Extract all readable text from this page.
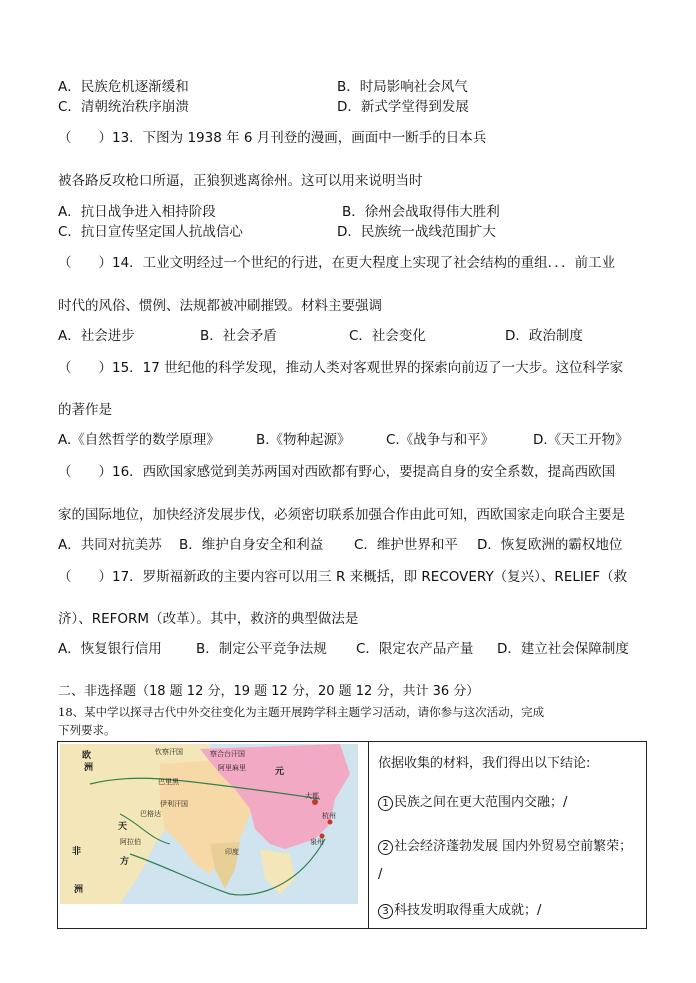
A．民族危机逐渐缓和	B．时局影响社会风气
C．清朝统治秩序崩溃	D．新式学堂得到发展
（　　）13．下图为 1938 年 6 月刊登的漫画，画面中一断手的日本兵
被各路反攻枪口所逼，正狼狈逃离徐州。这可以用来说明当时
A．抗日战争进入相持阶段	B．徐州会战取得伟大胜利
C．抗日宣传坚定国人抗战信心	D．民族统一战线范围扩大
（　　）14．工业文明经过一个世纪的行进，在更大程度上实现了社会结构的重组．．．前工业
时代的风俗、惯例、法规都被冲刷摧毁。材料主要强调
A．社会进步	B．社会矛盾	C．社会变化	D．政治制度
（　　）15．17 世纪他的科学发现，推动人类对客观世界的探索向前迈了一大步。这位科学家
的著作是
A.《自然哲学的数学原理》	B.《物种起源》	C.《战争与和平》	D.《天工开物》
（　　）16．西欧国家感觉到美苏两国对西欧都有野心，要提高自身的安全系数，提高西欧国
家的国际地位，加快经济发展步伐，必须密切联系加强合作由此可知，西欧国家走向联合主要是
A．共同对抗美苏 B．维护自身安全和利益 C．维护世界和平 D．恢复欧洲的霸权地位
（　　）17．罗斯福新政的主要内容可以用三 R 来概括，即 RECOVERY（复兴）、RELIEF（救
济）、REFORM（改革）。其中，救济的典型做法是
A．恢复银行信用	B．制定公平竞争法规 C．限定农产品产量 D．建立社会保障制度
二、非选择题（18 题 12 分，19 题 12 分，20 题 12 分，共计 36 分）
18、某中学以探寻古代中外交往变化为主题开展跨学科主题学习活动，请你参与这次活动，完成
下列要求。
欧
洲
钦察汗国	察合台汗国
阿里麻里
巴里黑
元
伊利汗国
天
方
印度
大都
泉州
杭州
非
洲
阿拉伯
巴格达
依据收集的材料，我们得出以下结论:
1 民族之间在更大范围内交融；/
2 社会经济蓬勃发展 国内外贸易空前繁荣；
/
3 科技发明取得重大成就；/
